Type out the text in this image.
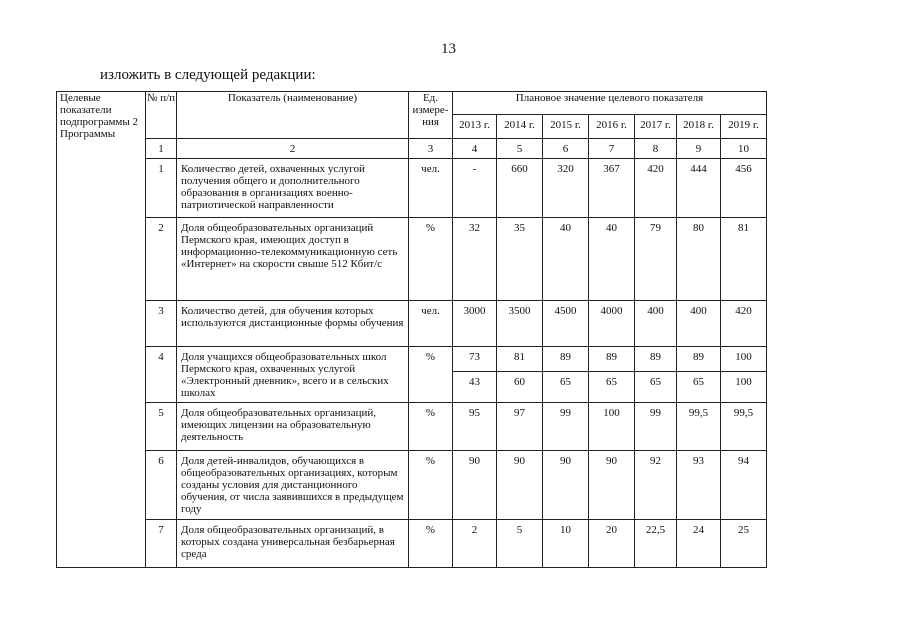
13
изложить в следующей редакции:
Целевые показатели подпрограммы 2 Программы	№ п/п	Показатель (наименование)	Ед. измере-ния	Плановое значение целевого показателя						
				2013 г.	2014 г.	2015 г.	2016 г.	2017 г.	2018 г.	2019 г.
	1	2	3	4	5	6	7	8	9	10
	1	Количество детей, охваченных услугой получения общего и дополнительного образования в организациях военно-патриотической направленности	чел.	-	660	320	367	420	444	456
	2	Доля общеобразовательных организаций Пермского края, имеющих доступ в информационно-телекоммуникационную сеть «Интернет» на скорости свыше 512 Кбит/с	%	32	35	40	40	79	80	81
	3	Количество детей, для обучения которых используются дистанционные формы обучения	чел.	3000	3500	4500	4000	400	400	420
	4	Доля учащихся общеобразовательных школ Пермского края, охваченных услугой «Электронный дневник», всего и в сельских школах	%	73	81	89	89	89	89	100
				43	60	65	65	65	65	100
	5	Доля общеобразовательных организаций, имеющих лицензии на образовательную деятельность	%	95	97	99	100	99	99,5	99,5
	6	Доля детей-инвалидов, обучающихся в общеобразовательных организациях, которым созданы условия для дистанционного обучения, от числа заявившихся в предыдущем году	%	90	90	90	90	92	93	94
	7	Доля общеобразовательных организаций, в которых создана универсальная безбарьерная среда	%	2	5	10	20	22,5	24	25
